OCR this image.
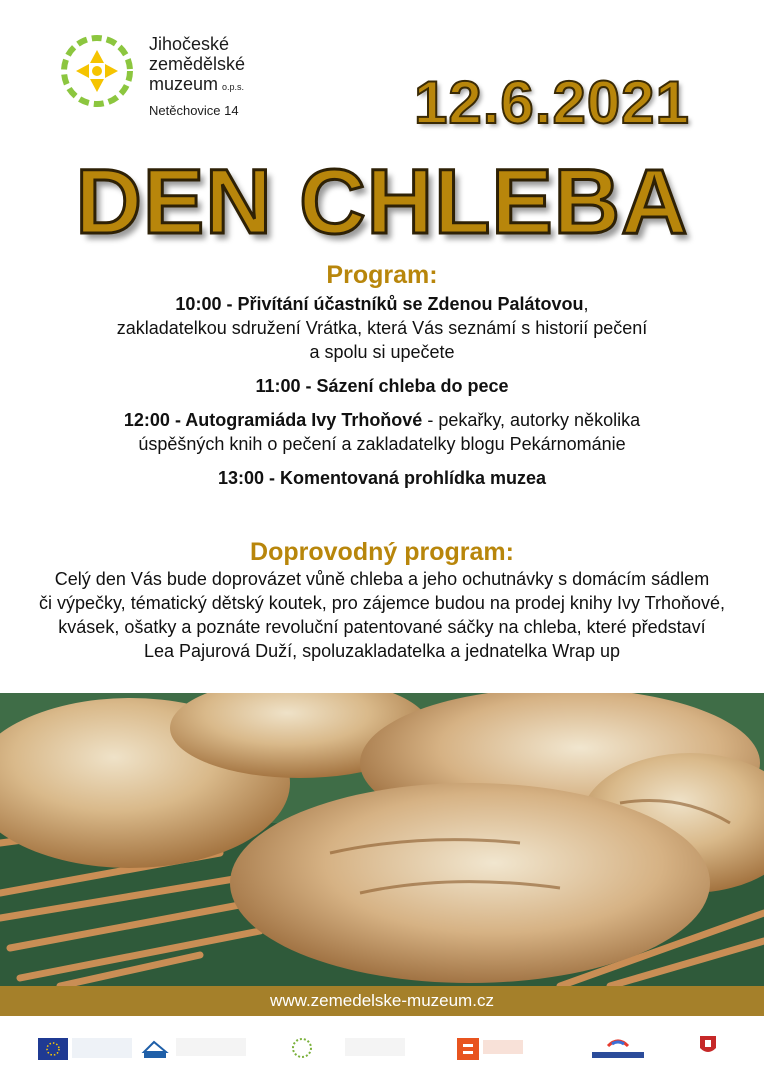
Jihočeské
zemědělské
muzeum o.p.s.
Netěchovice 14	12.6.2021
DEN CHLEBA
Program:
10:00 - Přivítání účastníků se Zdenou Palátovou,
zakladatelkou sdružení Vrátka, která Vás seznámí s historií pečení
a spolu si upečete
11:00 - Sázení chleba do pece
12:00 - Autogramiáda Ivy Trhoňové - pekařky, autorky několika
úspěšných knih o pečení a zakladatelky blogu Pekárnománie
13:00 - Komentovaná prohlídka muzea
Doprovodný program:
Celý den Vás bude doprovázet vůně chleba a jeho ochutnávky s domácím sádlem
či výpečky, tématický dětský koutek, pro zájemce budou na prodej knihy Ivy Trhoňové,
kvásek, ošatky a poznáte revoluční patentované sáčky na chleba, které představí
Lea Pajurová Duží, spoluzakladatelka a jednatelka Wrap up
www.zemedelske-muzeum.cz
